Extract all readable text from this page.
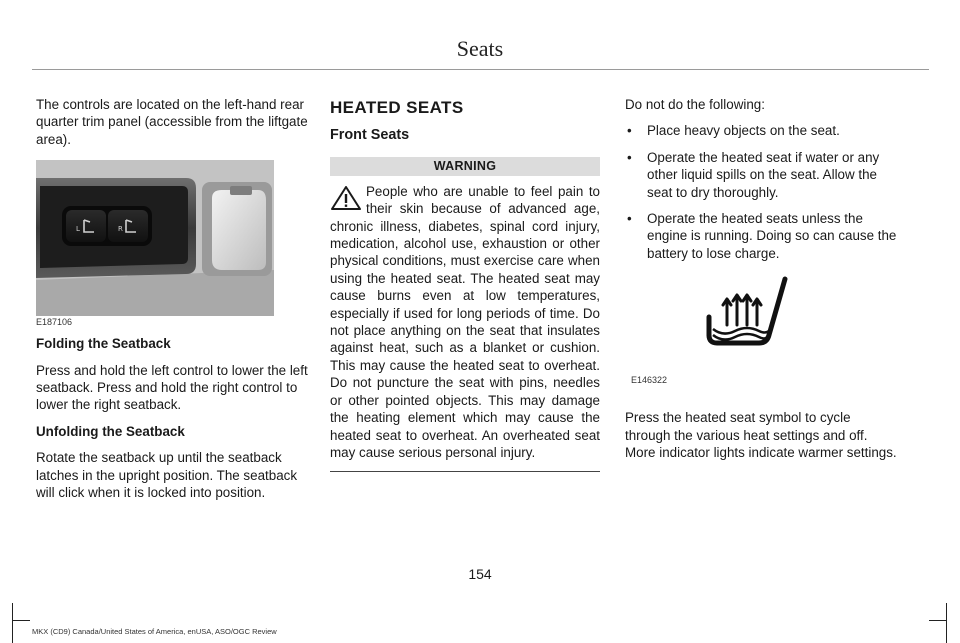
Seats
The controls are located on the left-hand rear quarter trim panel (accessible from the liftgate area).
L	R
E187106
Folding the Seatback
Press and hold the left control to lower the left seatback. Press and hold the right control to lower the right seatback.
Unfolding the Seatback
Rotate the seatback up until the seatback latches in the upright position. The seatback will click when it is locked into position.
HEATED SEATS
Front Seats
WARNING
People who are unable to feel pain to their skin because of advanced age, chronic illness, diabetes, spinal cord injury, medication, alcohol use, exhaustion or other physical conditions, must exercise care when using the heated seat. The heated seat may cause burns even at low temperatures, especially if used for long periods of time. Do not place anything on the seat that insulates against heat, such as a blanket or cushion. This may cause the heated seat to overheat. Do not puncture the seat with pins, needles or other pointed objects. This may damage the heating element which may cause the heated seat to overheat. An overheated seat may cause serious personal injury.
Do not do the following:
• Place heavy objects on the seat.
• Operate the heated seat if water or any other liquid spills on the seat. Allow the seat to dry thoroughly.
• Operate the heated seats unless the engine is running. Doing so can cause the battery to lose charge.
E146322
Press the heated seat symbol to cycle through the various heat settings and off. More indicator lights indicate warmer settings.
154
MKX (CD9) Canada/United States of America, enUSA, ASO/OGC Review
